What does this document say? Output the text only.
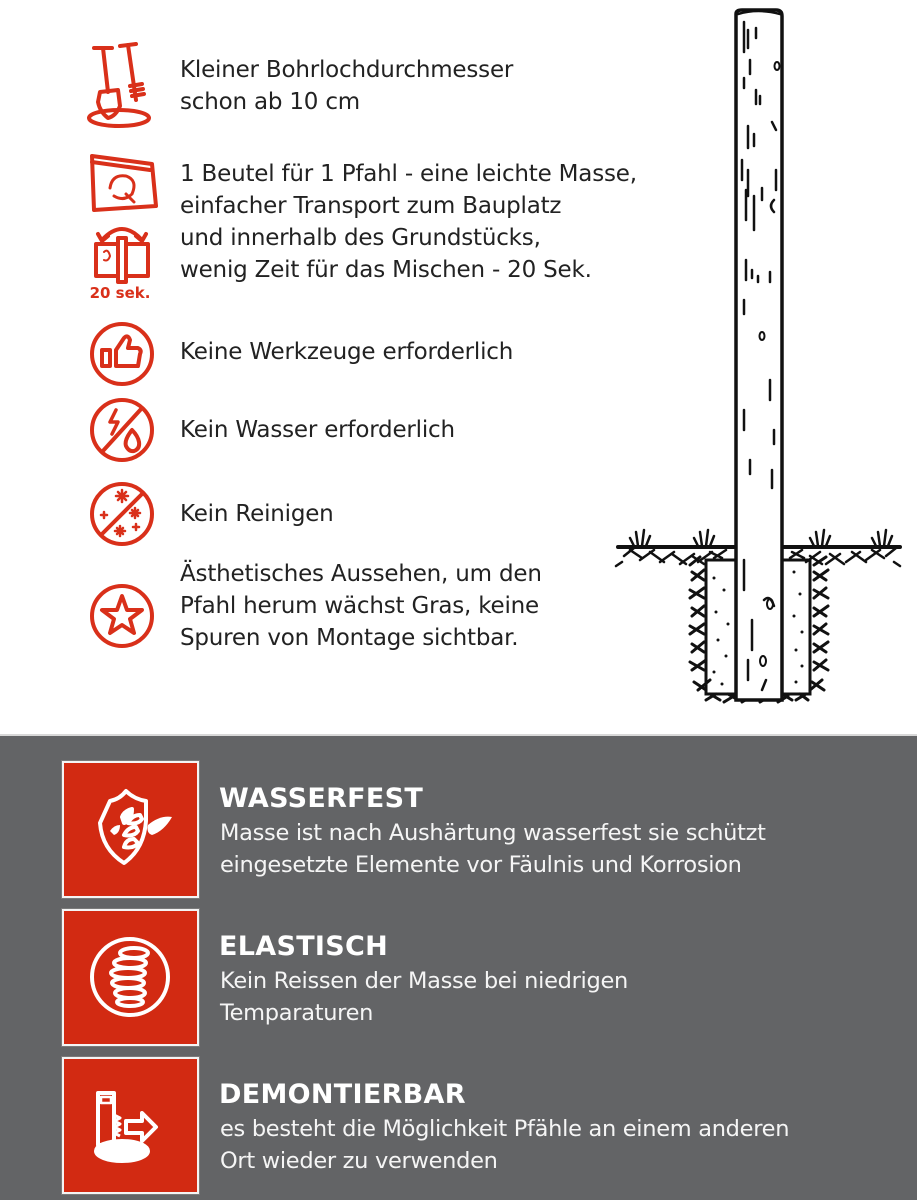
Kleiner Bohrlochdurchmesser
schon ab 10 cm
20 sek.
1 Beutel für 1 Pfahl - eine leichte Masse,
einfacher Transport zum Bauplatz
und innerhalb des Grundstücks,
wenig Zeit für das Mischen - 20 Sek.
Keine Werkzeuge erforderlich
Kein Wasser erforderlich
Kein Reinigen
Ästhetisches Aussehen, um den
Pfahl herum wächst Gras, keine
Spuren von Montage sichtbar.
WASSERFEST
Masse ist nach Aushärtung wasserfest sie schützt
eingesetzte Elemente vor Fäulnis und Korrosion
ELASTISCH
Kein Reissen der Masse bei niedrigen
Temparaturen
DEMONTIERBAR
es besteht die Möglichkeit Pfähle an einem anderen
Ort wieder zu verwenden
